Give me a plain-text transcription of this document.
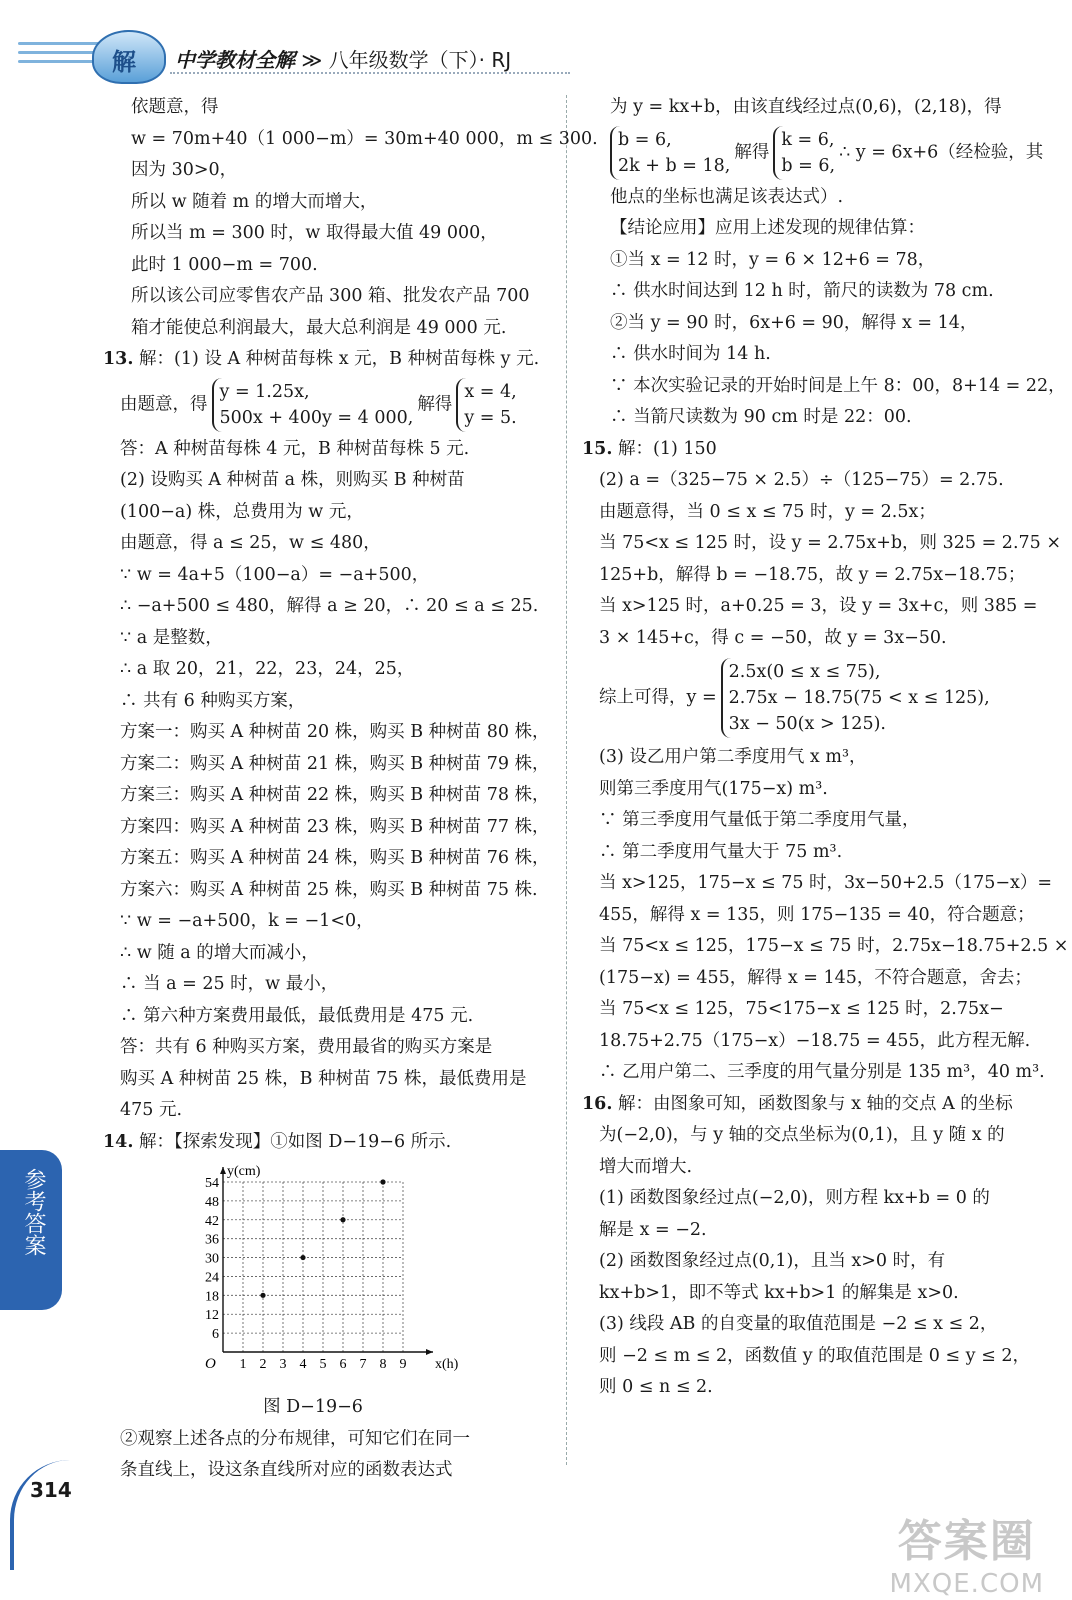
解 中学教材全解 ≫ 八年级数学（下）· RJ
依题意，得
w = 70m+40（1 000−m）= 30m+40 000，m ≤ 300.
因为 30>0，
所以 w 随着 m 的增大而增大，
所以当 m = 300 时，w 取得最大值 49 000，
此时 1 000−m = 700.
所以该公司应零售农产品 300 箱、批发农产品 700
箱才能使总利润最大，最大总利润是 49 000 元.
13. 解：(1) 设 A 种树苗每株 x 元，B 种树苗每株 y 元.
由题意，得
y = 1.25x,
500x + 400y = 4 000,
解得
x = 4,
y = 5.
答：A 种树苗每株 4 元，B 种树苗每株 5 元.
(2) 设购买 A 种树苗 a 株，则购买 B 种树苗
(100−a) 株，总费用为 w 元，
由题意，得 a ≤ 25，w ≤ 480，
∵ w = 4a+5（100−a）= −a+500，
∴ −a+500 ≤ 480，解得 a ≥ 20，∴ 20 ≤ a ≤ 25.
∵ a 是整数，
∴ a 取 20，21，22，23，24，25，
∴ 共有 6 种购买方案，
方案一：购买 A 种树苗 20 株，购买 B 种树苗 80 株，
方案二：购买 A 种树苗 21 株，购买 B 种树苗 79 株，
方案三：购买 A 种树苗 22 株，购买 B 种树苗 78 株，
方案四：购买 A 种树苗 23 株，购买 B 种树苗 77 株，
方案五：购买 A 种树苗 24 株，购买 B 种树苗 76 株，
方案六：购买 A 种树苗 25 株，购买 B 种树苗 75 株.
∵ w = −a+500，k = −1<0，
∴ w 随 a 的增大而减小，
∴ 当 a = 25 时，w 最小，
∴ 第六种方案费用最低，最低费用是 475 元.
答：共有 6 种购买方案，费用最省的购买方案是
购买 A 种树苗 25 株，B 种树苗 75 株，最低费用是
475 元.
14. 解：【探索发现】①如图 D−19−6 所示.
1 2 3 4 5 6 7 8 9
6
12
18
24
30
36
42
48
54
O	x(h)
y(cm)
图 D−19−6
②观察上述各点的分布规律，可知它们在同一
条直线上，设这条直线所对应的函数表达式
为 y = kx+b，由该直线经过点(0,6)，(2,18)，得
b = 6,
2k + b = 18,
解得
k = 6,
b = 6,
∴ y = 6x+6（经检验，其
他点的坐标也满足该表达式）.
【结论应用】应用上述发现的规律估算：
①当 x = 12 时，y = 6 × 12+6 = 78，
∴ 供水时间达到 12 h 时，箭尺的读数为 78 cm.
②当 y = 90 时，6x+6 = 90，解得 x = 14，
∴ 供水时间为 14 h.
∵ 本次实验记录的开始时间是上午 8：00，8+14 = 22，
∴ 当箭尺读数为 90 cm 时是 22：00.
15. 解：(1) 150
(2) a =（325−75 × 2.5）÷（125−75）= 2.75.
由题意得，当 0 ≤ x ≤ 75 时，y = 2.5x；
当 75<x ≤ 125 时，设 y = 2.75x+b，则 325 = 2.75 ×
125+b，解得 b = −18.75，故 y = 2.75x−18.75；
当 x>125 时，a+0.25 = 3，设 y = 3x+c，则 385 =
3 × 145+c，得 c = −50，故 y = 3x−50.
综上可得，y =
2.5x(0 ≤ x ≤ 75),
2.75x − 18.75(75 < x ≤ 125),
3x − 50(x > 125).
(3) 设乙用户第二季度用气 x m³，
则第三季度用气(175−x) m³.
∵ 第三季度用气量低于第二季度用气量，
∴ 第二季度用气量大于 75 m³.
当 x>125，175−x ≤ 75 时，3x−50+2.5（175−x）=
455，解得 x = 135，则 175−135 = 40，符合题意；
当 75<x ≤ 125，175−x ≤ 75 时，2.75x−18.75+2.5 ×
(175−x) = 455，解得 x = 145，不符合题意，舍去；
当 75<x ≤ 125，75<175−x ≤ 125 时，2.75x−
18.75+2.75（175−x）−18.75 = 455，此方程无解.
∴ 乙用户第二、三季度的用气量分别是 135 m³，40 m³.
16. 解：由图象可知，函数图象与 x 轴的交点 A 的坐标
为(−2,0)，与 y 轴的交点坐标为(0,1)，且 y 随 x 的
增大而增大.
(1) 函数图象经过点(−2,0)，则方程 kx+b = 0 的
解是 x = −2.
(2) 函数图象经过点(0,1)，且当 x>0 时，有
kx+b>1，即不等式 kx+b>1 的解集是 x>0.
(3) 线段 AB 的自变量的取值范围是 −2 ≤ x ≤ 2，
则 −2 ≤ m ≤ 2，函数值 y 的取值范围是 0 ≤ y ≤ 2，
则 0 ≤ n ≤ 2.
参考答案
314
答案圈
MXQE.COM
